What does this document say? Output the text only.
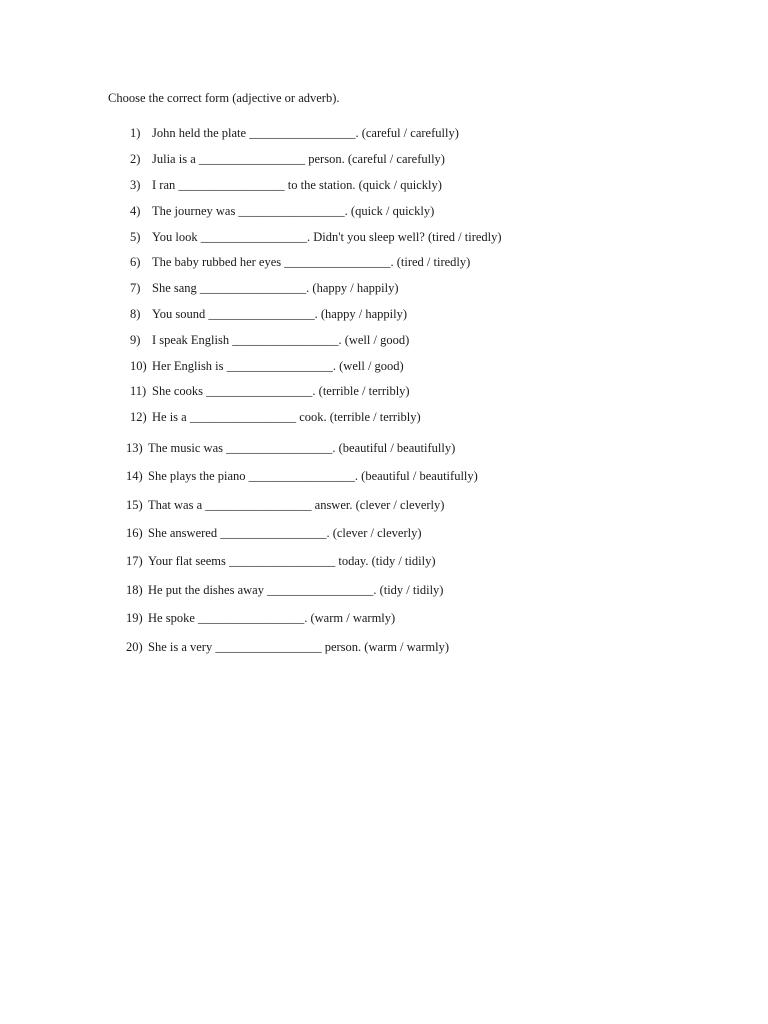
Choose the correct form (adjective or adverb).
1) John held the plate _________________. (careful / carefully)
2) Julia is a _________________ person. (careful / carefully)
3) I ran _________________ to the station. (quick / quickly)
4) The journey was _________________. (quick / quickly)
5) You look _________________. Didn't you sleep well? (tired / tiredly)
6) The baby rubbed her eyes _________________. (tired / tiredly)
7) She sang _________________. (happy / happily)
8) You sound _________________. (happy / happily)
9) I speak English _________________. (well / good)
10) Her English is _________________. (well / good)
11) She cooks _________________. (terrible / terribly)
12) He is a _________________ cook. (terrible / terribly)
13) The music was _________________. (beautiful / beautifully)
14) She plays the piano _________________. (beautiful / beautifully)
15) That was a _________________ answer. (clever / cleverly)
16) She answered _________________. (clever / cleverly)
17) Your flat seems _________________ today. (tidy / tidily)
18) He put the dishes away _________________. (tidy / tidily)
19) He spoke _________________. (warm / warmly)
20) She is a very _________________ person. (warm / warmly)
